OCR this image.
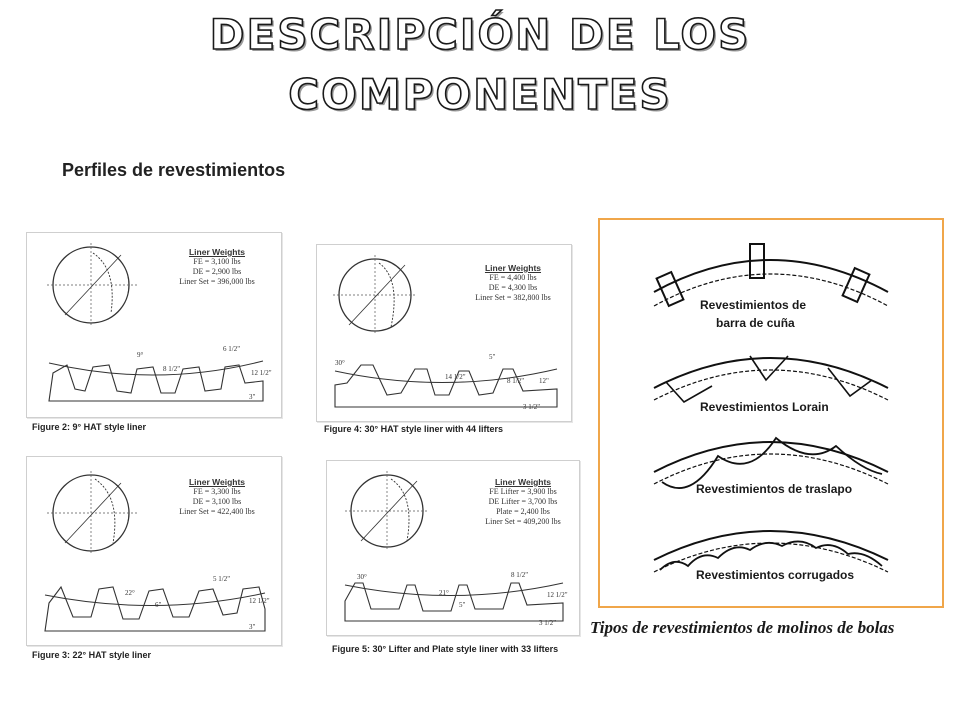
DESCRIPCIÓN DE LOS
COMPONENTES
Perfiles de revestimientos
Liner Weights
FE = 3,100 lbs
DE = 2,900 lbs
Liner Set = 396,000 lbs
9°
8 1/2"
6 1/2"
12 1/2"
3"
Figure 2: 9° HAT style liner
Liner Weights
FE = 4,400 lbs
DE = 4,300 lbs
Liner Set = 382,800 lbs
30°
5"
14 1/2"	8 1/2" 12"
3 1/2"
Figure 4: 30° HAT style liner with 44 lifters
Liner Weights
FE = 3,300 lbs
DE = 3,100 lbs
Liner Set = 422,400 lbs
22°
6"
5 1/2"
12 1/2"
3"
Figure 3: 22° HAT style liner
Liner Weights
FE Lifter = 3,900 lbs
DE Lifter = 3,700 lbs
Plate = 2,400 lbs
Liner Set = 409,200 lbs
30°
21°
5"
8 1/2"
12 1/2"
3 1/2"
Figure 5: 30° Lifter and Plate style liner with 33 lifters
Revestimientos de
barra de cuña
Revestimientos Lorain
Revestimientos de traslapo
Revestimientos corrugados
Tipos de revestimientos de molinos de bolas
